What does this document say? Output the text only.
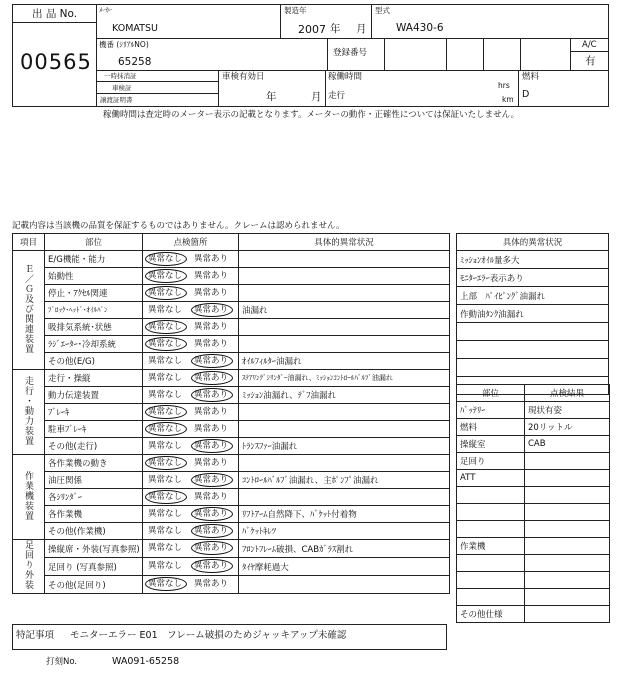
出 品 No.
00565
ﾒｰｶｰ
KOMATSU
製造年
2007 年 月
型式
WA430-6
機番 (ｼﾘｱﾙNO)
65258
登録番号
A/C
有
一時抹消証
車検証
譲渡証明書
車検有効日
年	月
稼働時間
走行
hrs
km
燃料
D
稼働時間は査定時のメーター表示の記載となります。メーターの動作・正確性については保証いたしません。
記載内容は当該機の品質を保証するものではありません。クレームは認められません。
項目	部位	点検箇所	具体的異常状況
Ｅ／Ｇ及び関連装置	E/G機能・能力	異常なし 異常あり	

	始動性	異常なし 異常あり	

	停止・ｱｸｾﾙ関連	異常なし 異常あり	

	ﾌﾞﾛｯｸ･ﾍｯﾄﾞ･ｵｲﾙﾊﾟﾝ	異常なし 異常あり	油漏れ
	吸排気系統･状態	異常なし 異常あり	

	ﾗｼﾞｴｰﾀｰ･冷却系統	異常なし 異常あり	

	その他(E/G)	異常なし 異常あり	ｵｲﾙﾌｨﾙﾀｰ油漏れ
走行・動力装置	走行・操縦	異常なし 異常あり	ｽﾃｱﾘﾝｸﾞｼﾘﾝﾀﾞｰ油漏れ、ﾐｯｼｮﾝｺﾝﾄﾛｰﾙﾊﾞﾙﾌﾞ油漏れ
	動力伝達装置	異常なし 異常あり	ﾐｯｼｮﾝ油漏れ、ﾃﾞﾌ油漏れ
	ﾌﾞﾚｰｷ	異常なし 異常あり	

	駐車ﾌﾞﾚｰｷ	異常なし 異常あり	

	その他(走行)	異常なし 異常あり	ﾄﾗﾝｽﾌｧｰ油漏れ
作業機装置	各作業機の動き	異常なし 異常あり	

	油圧関係	異常なし 異常あり	ｺﾝﾄﾛｰﾙﾊﾞﾙﾌﾞ油漏れ、主ﾎﾟﾝﾌﾟ油漏れ
	各ｼﾘﾝﾀﾞｰ	異常なし 異常あり	

	各作業機	異常なし 異常あり	ﾘﾌﾄｱｰﾑ自然降下、ﾊﾞｹｯﾄ付着物
	その他(作業機)	異常なし 異常あり	ﾊﾞｹｯﾄｷﾚﾂ
足回り外装	操縦席・外装(写真参照)	異常なし 異常あり	ﾌﾛﾝﾄﾌﾚｰﾑ破損、CABｶﾞﾗｽ割れ
	足回り (写真参照)	異常なし 異常あり	ﾀｲﾔ摩耗過大
	その他(足回り)	異常なし 異常あり	

具体的異常状況
ﾐｯｼｮﾝｵｲﾙ量多大
ﾓﾆﾀｰｴﾗｰ表示あり
上部　ﾊﾟｲﾋﾟﾝｸﾞ油漏れ
作動油ﾀﾝｸ油漏れ

部位	点検結果
ﾊﾞｯﾃﾘｰ	現状有姿
燃料	20リットル
操縦室	CAB
足回り	
ATT	

作業機	

その他仕様	
特記事項 モニターエラー E01　フレーム破損のためジャッキアップ未確認
打刻No.	WA091-65258
